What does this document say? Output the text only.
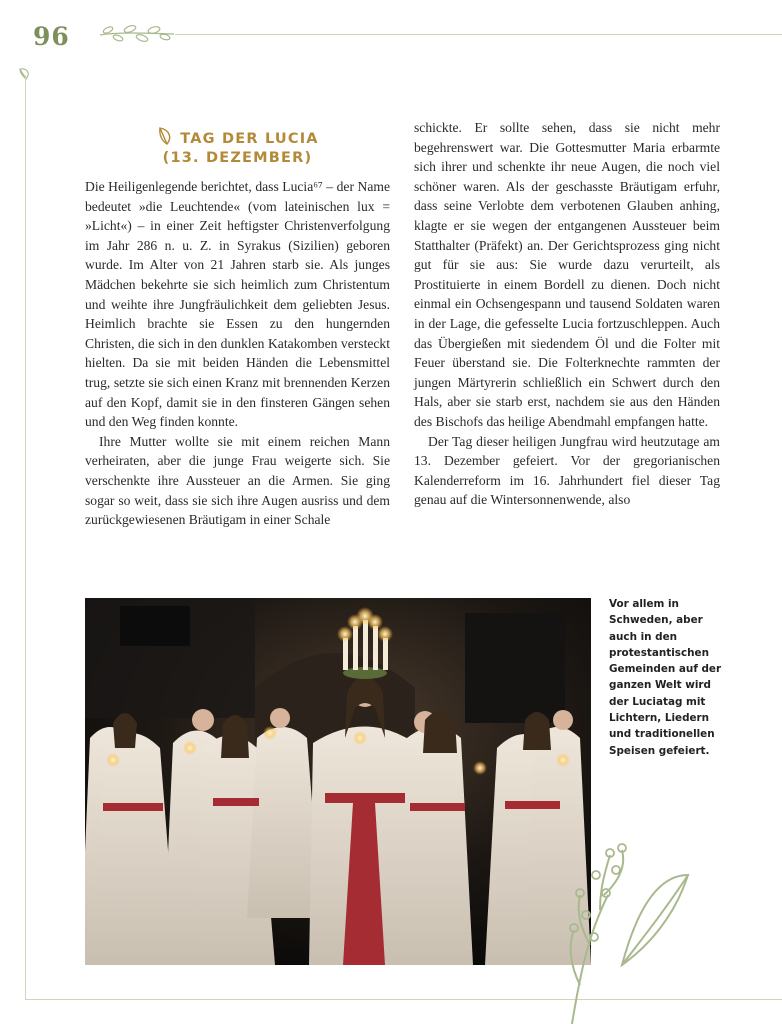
96
TAG DER LUCIA
(13. DEZEMBER)

Die Heiligenlegende berichtet, dass Lucia⁶⁷ – der Name bedeutet »die Leuchtende« (vom lateinischen lux = »Licht«) – in einer Zeit heftigster Christenverfolgung im Jahr 286 n. u. Z. in Syrakus (Sizilien) geboren wurde. Im Alter von 21 Jahren starb sie. Als junges Mädchen bekehrte sie sich heimlich zum Christentum und weihte ihre Jungfräulichkeit dem geliebten Jesus. Heimlich brachte sie Essen zu den hungernden Christen, die sich in den dunklen Katakomben versteckt hielten. Da sie mit beiden Händen die Lebensmittel trug, setzte sie sich einen Kranz mit brennenden Kerzen auf den Kopf, damit sie in den finsteren Gängen sehen und den Weg finden konnte.

Ihre Mutter wollte sie mit einem reichen Mann verheiraten, aber die junge Frau weigerte sich. Sie verschenkte ihre Aussteuer an die Armen. Sie ging sogar so weit, dass sie sich ihre Augen ausriss und dem zurückgewiesenen Bräutigam in einer Schale

schickte. Er sollte sehen, dass sie nicht mehr begehrenswert war. Die Gottesmutter Maria erbarmte sich ihrer und schenkte ihr neue Augen, die noch viel schöner waren. Als der geschasste Bräutigam erfuhr, dass seine Verlobte dem verbotenen Glauben anhing, klagte er sie wegen der entgangenen Aussteuer beim Statthalter (Präfekt) an. Der Gerichtsprozess ging nicht gut für sie aus: Sie wurde dazu verurteilt, als Prostituierte in einem Bordell zu dienen. Doch nicht einmal ein Ochsengespann und tausend Soldaten waren in der Lage, die gefesselte Lucia fortzuschleppen. Auch das Übergießen mit siedendem Öl und die Folter mit Feuer überstand sie. Die Folterknechte rammten der jungen Märtyrerin schließlich ein Schwert durch den Hals, aber sie starb erst, nachdem sie aus den Händen des Bischofs das heilige Abendmahl empfangen hatte.

Der Tag dieser heiligen Jungfrau wird heutzutage am 13. Dezember gefeiert. Vor der gregorianischen Kalenderreform im 16. Jahrhundert fiel dieser Tag genau auf die Wintersonnenwende, also

Vor allem in Schweden, aber auch in den protestantischen Gemeinden auf der ganzen Welt wird der Luciatag mit Lichtern, Liedern und traditionellen Speisen gefeiert.
